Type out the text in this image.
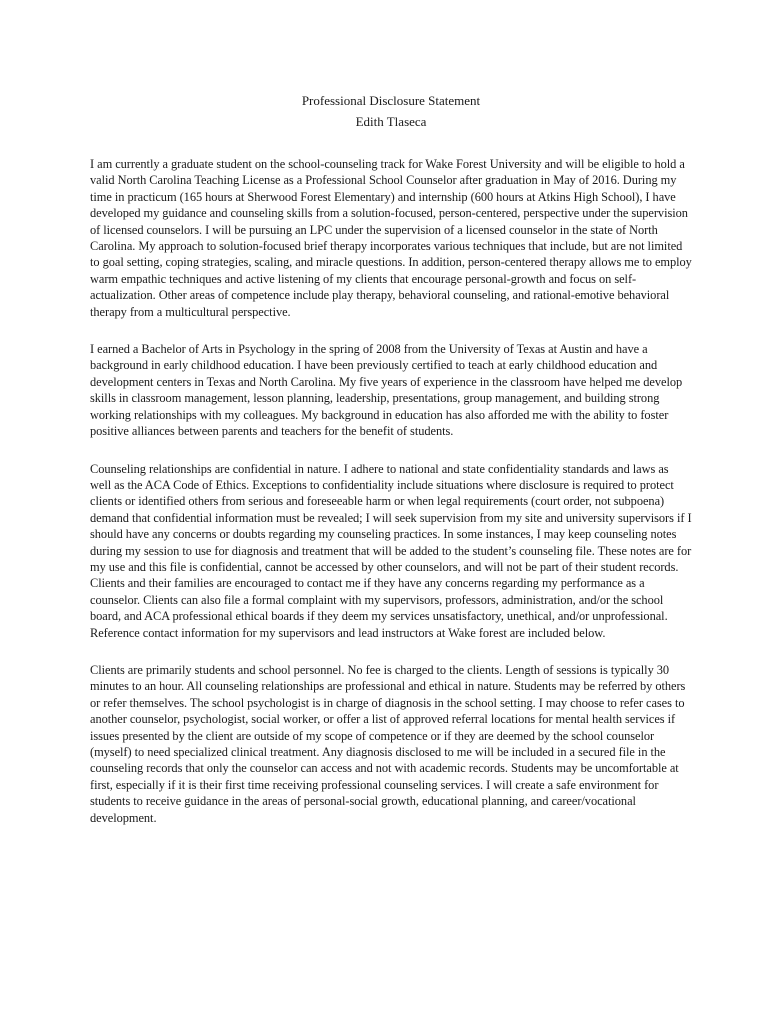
Professional Disclosure Statement
Edith Tlaseca

I am currently a graduate student on the school-counseling track for Wake Forest University and will be eligible to hold a valid North Carolina Teaching License as a Professional School Counselor after graduation in May of 2016. During my time in practicum (165 hours at Sherwood Forest Elementary) and internship (600 hours at Atkins High School), I have developed my guidance and counseling skills from a solution-focused, person-centered, perspective under the supervision of licensed counselors. I will be pursuing an LPC under the supervision of a licensed counselor in the state of North Carolina. My approach to solution-focused brief therapy incorporates various techniques that include, but are not limited to goal setting, coping strategies, scaling, and miracle questions. In addition, person-centered therapy allows me to employ warm empathic techniques and active listening of my clients that encourage personal-growth and focus on self-actualization. Other areas of competence include play therapy, behavioral counseling, and rational-emotive behavioral therapy from a multicultural perspective.

I earned a Bachelor of Arts in Psychology in the spring of 2008 from the University of Texas at Austin and have a background in early childhood education. I have been previously certified to teach at early childhood education and development centers in Texas and North Carolina. My five years of experience in the classroom have helped me develop skills in classroom management, lesson planning, leadership, presentations, group management, and building strong working relationships with my colleagues. My background in education has also afforded me with the ability to foster positive alliances between parents and teachers for the benefit of students.

Counseling relationships are confidential in nature. I adhere to national and state confidentiality standards and laws as well as the ACA Code of Ethics. Exceptions to confidentiality include situations where disclosure is required to protect clients or identified others from serious and foreseeable harm or when legal requirements (court order, not subpoena) demand that confidential information must be revealed; I will seek supervision from my site and university supervisors if I should have any concerns or doubts regarding my counseling practices. In some instances, I may keep counseling notes during my session to use for diagnosis and treatment that will be added to the student’s counseling file. These notes are for my use and this file is confidential, cannot be accessed by other counselors, and will not be part of their student records. Clients and their families are encouraged to contact me if they have any concerns regarding my performance as a counselor. Clients can also file a formal complaint with my supervisors, professors, administration, and/or the school board, and ACA professional ethical boards if they deem my services unsatisfactory, unethical, and/or unprofessional. Reference contact information for my supervisors and lead instructors at Wake forest are included below.

Clients are primarily students and school personnel. No fee is charged to the clients. Length of sessions is typically 30 minutes to an hour. All counseling relationships are professional and ethical in nature. Students may be referred by others or refer themselves. The school psychologist is in charge of diagnosis in the school setting. I may choose to refer cases to another counselor, psychologist, social worker, or offer a list of approved referral locations for mental health services if issues presented by the client are outside of my scope of competence or if they are deemed by the school counselor (myself) to need specialized clinical treatment. Any diagnosis disclosed to me will be included in a secured file in the counseling records that only the counselor can access and not with academic records. Students may be uncomfortable at first, especially if it is their first time receiving professional counseling services. I will create a safe environment for students to receive guidance in the areas of personal-social growth, educational planning, and career/vocational development.
